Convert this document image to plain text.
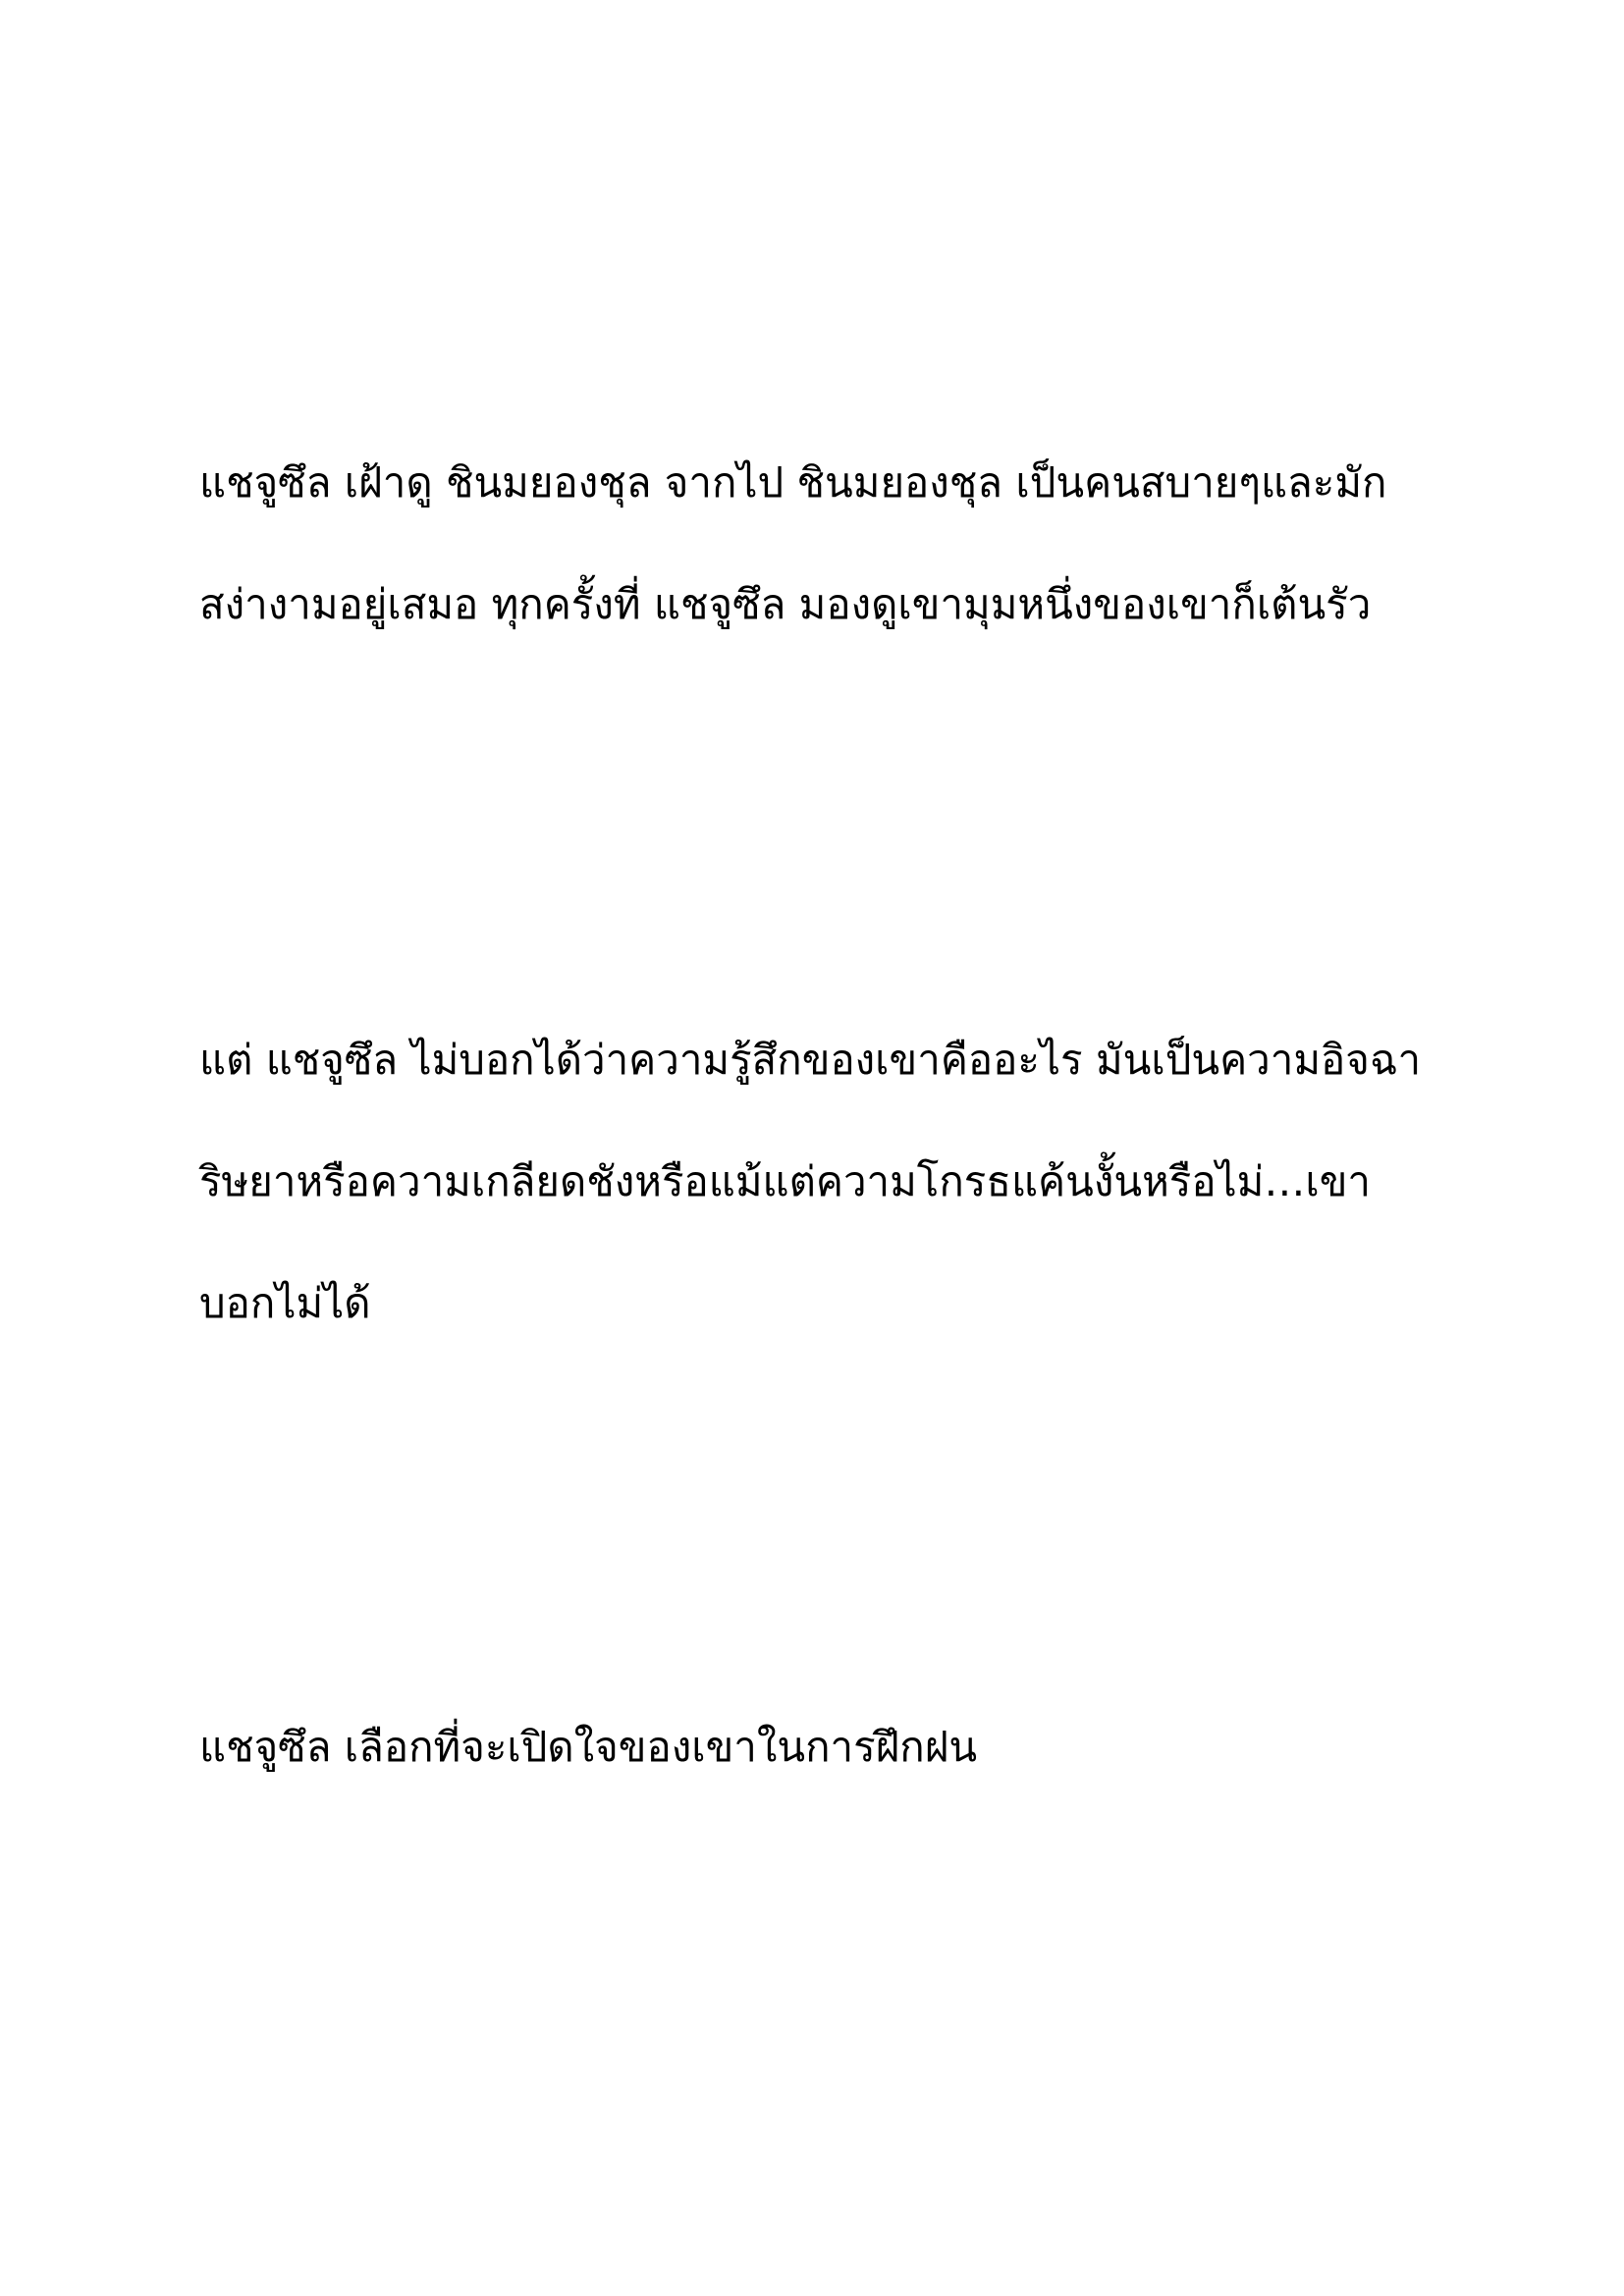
แชจูซึล เฝ้าดู ชินมยองชุล จากไป ชินมยองชุล เป็นคนสบายๆและมัก
สง่างามอยู่เสมอ ทุกครั้งที่ แชจูซึล มองดูเขามุมหนึ่งของเขาก็เต้นรัว

แต่ แชจูซึล ไม่บอกได้ว่าความรู้สึกของเขาคืออะไร มันเป็นความอิจฉา
ริษยาหรือความเกลียดชังหรือแม้แต่ความโกรธแค้นงั้นหรือไม่…เขา
บอกไม่ได้

แชจูซึล เลือกที่จะเปิดใจของเขาในการฝึกฝน
